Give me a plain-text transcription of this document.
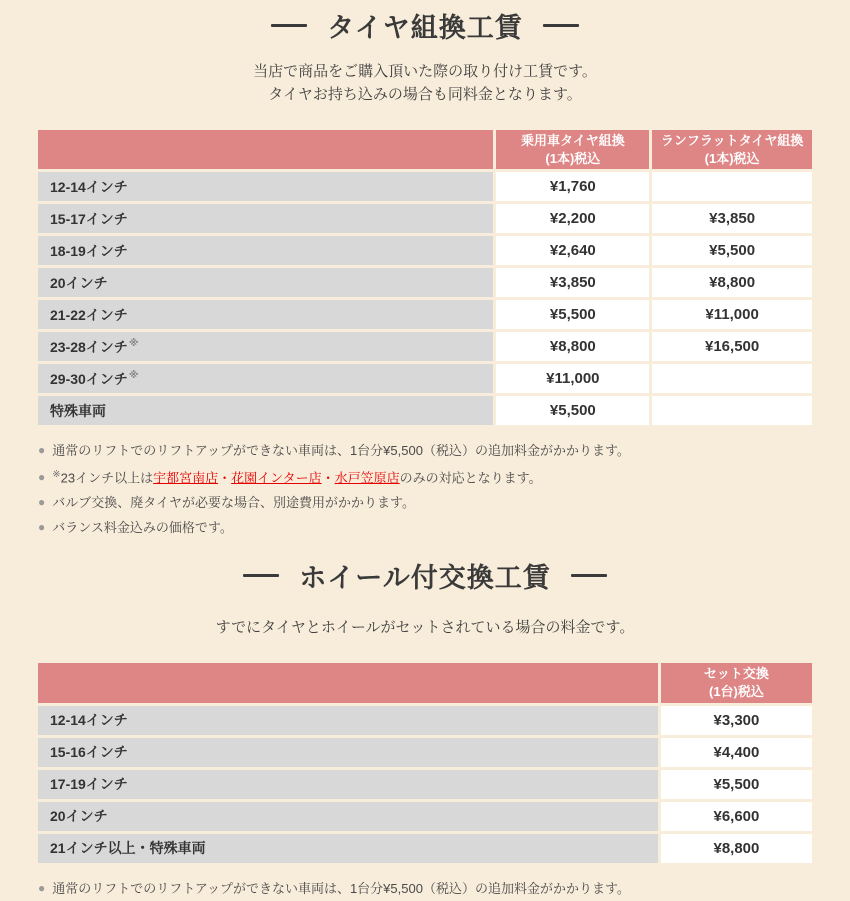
タイヤ組換工賃
当店で商品をご購入頂いた際の取り付け工賃です。
タイヤお持ち込みの場合も同料金となります。

	乗用車タイヤ組換
(1本)税込	ランフラットタイヤ組換
(1本)税込

12-14インチ	¥1,760	
15-17インチ	¥2,200	¥3,850
18-19インチ	¥2,640	¥5,500
20インチ	¥3,850	¥8,800
21-22インチ	¥5,500	¥11,000
23-28インチ※	¥8,800	¥16,500
29-30インチ※	¥11,000	
特殊車両	¥5,500	

● 通常のリフトでのリフトアップができない車両は、1台分¥5,500（税込）の追加料金がかかります。

● ※23インチ以上は宇都宮南店・花園インター店・水戸笠原店のみの対応となります。

● バルブ交換、廃タイヤが必要な場合、別途費用がかかります。

● バランス料金込みの価格です。

ホイール付交換工賃
すでにタイヤとホイールがセットされている場合の料金です。

	セット交換
(1台)税込

12-14インチ	¥3,300
15-16インチ	¥4,400
17-19インチ	¥5,500
20インチ	¥6,600
21インチ以上・特殊車両	¥8,800

● 通常のリフトでのリフトアップができない車両は、1台分¥5,500（税込）の追加料金がかかります。
